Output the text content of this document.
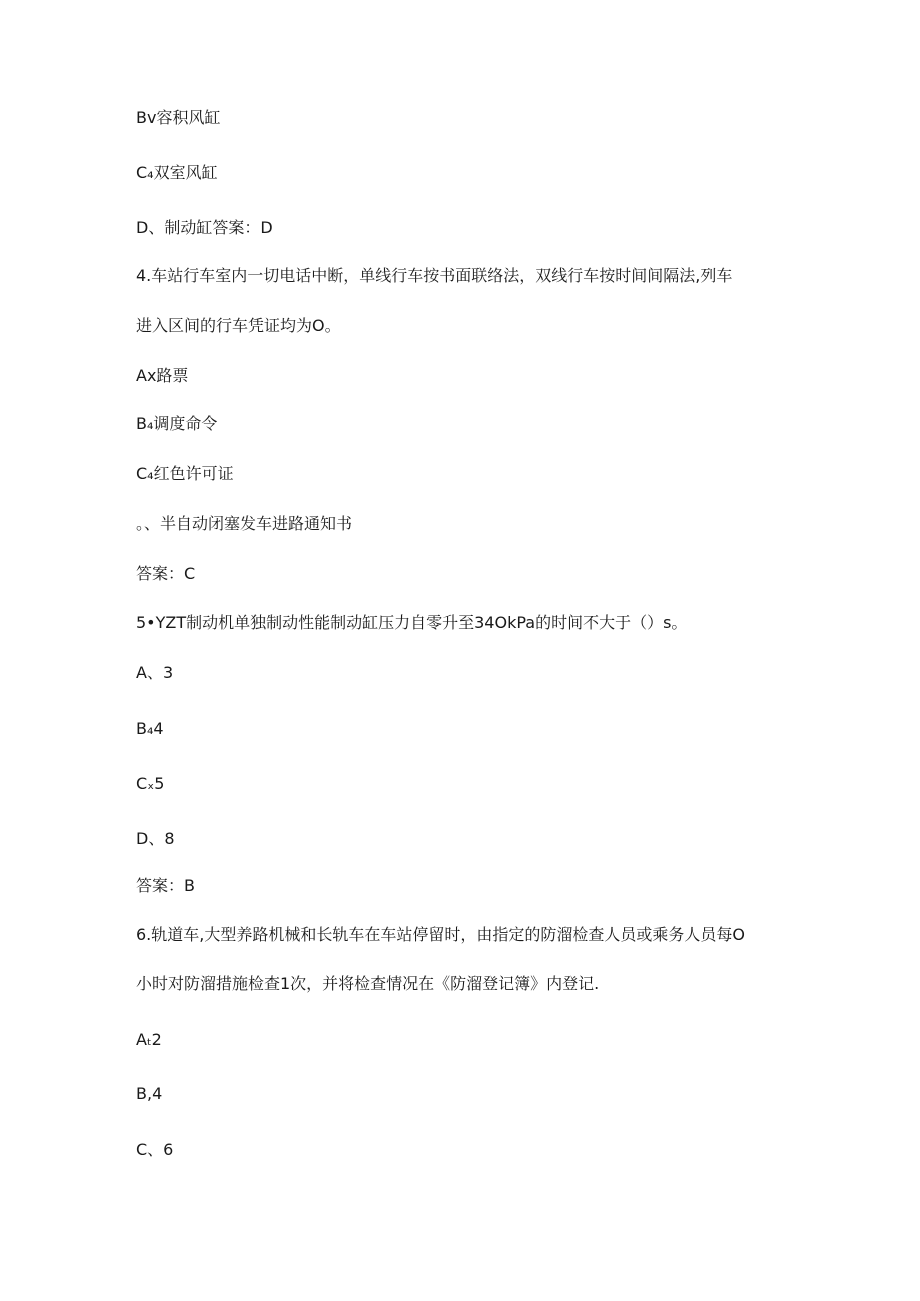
Bv容积风缸
C₄双室风缸
D、制动缸答案：D
4.车站行车室内一切电话中断，单线行车按书面联络法，双线行车按时间间隔法,列车
进入区间的行车凭证均为O。
Ax路票
B₄调度命令
C₄红色许可证
。、半自动闭塞发车进路通知书
答案：C
5•YZT制动机单独制动性能制动缸压力自零升至34OkPa的时间不大于（）s。
A、3
B₄4
Cₓ5
D、8
答案：B
6.轨道车,大型养路机械和长轨车在车站停留时，由指定的防溜检查人员或乘务人员每O
小时对防溜措施检查1次，并将检查情况在《防溜登记簿》内登记.
Aₜ2
B,4
C、6
